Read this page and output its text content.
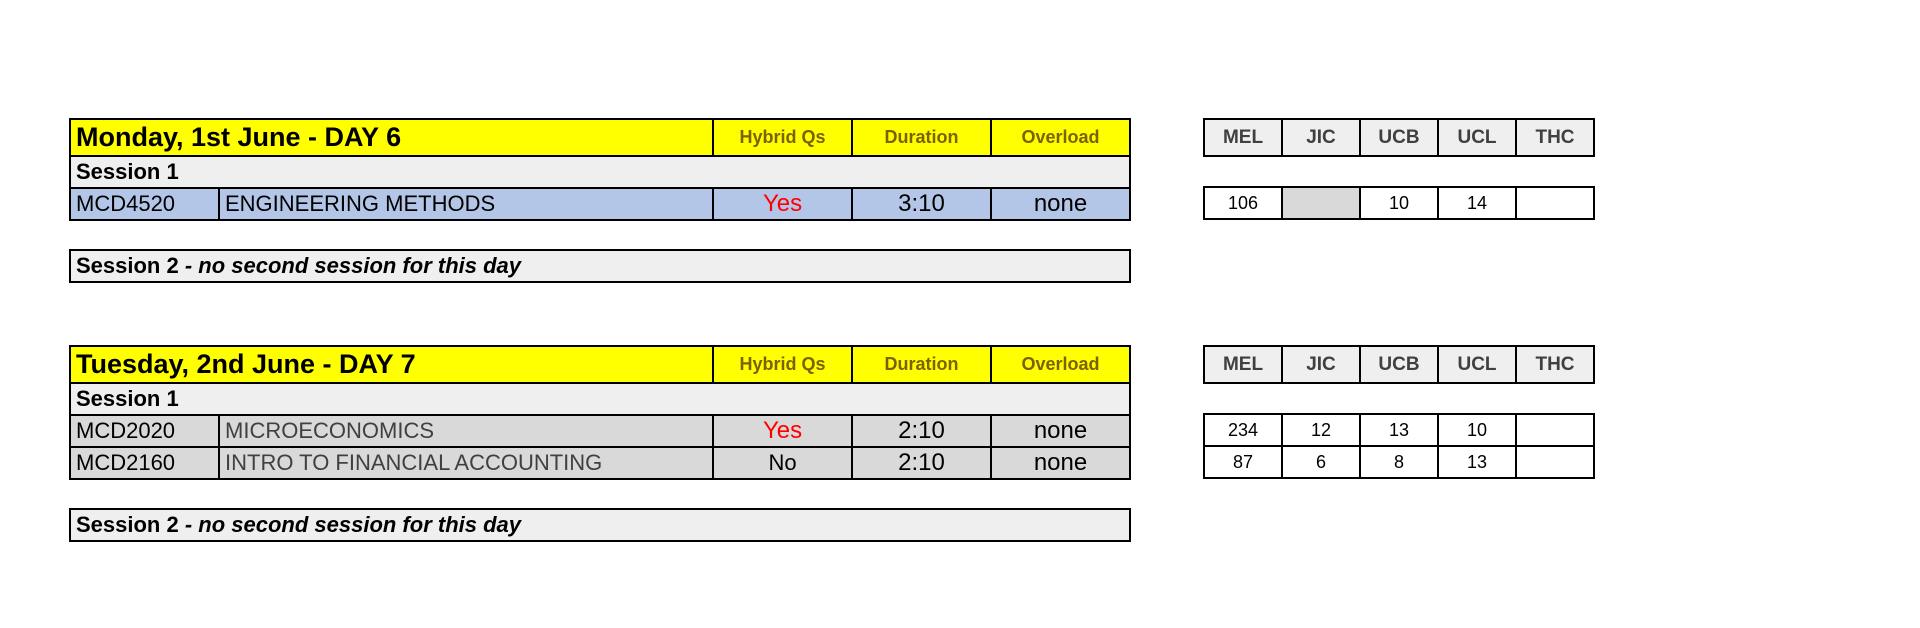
Monday, 1st June - DAY 6		Hybrid Qs	Duration	Overload
Session 1				
MCD4520	ENGINEERING METHODS	Yes	3:10	none
Session 2 - no second session for this day
MEL	JIC	UCB	UCL	THC
106		10	14	
Tuesday, 2nd June - DAY 7		Hybrid Qs	Duration	Overload
Session 1				
MCD2020	MICROECONOMICS	Yes	2:10	none
MCD2160	INTRO TO FINANCIAL ACCOUNTING	No	2:10	none
Session 2 - no second session for this day
MEL	JIC	UCB	UCL	THC
234	12	13	10	
87	6	8	13	
